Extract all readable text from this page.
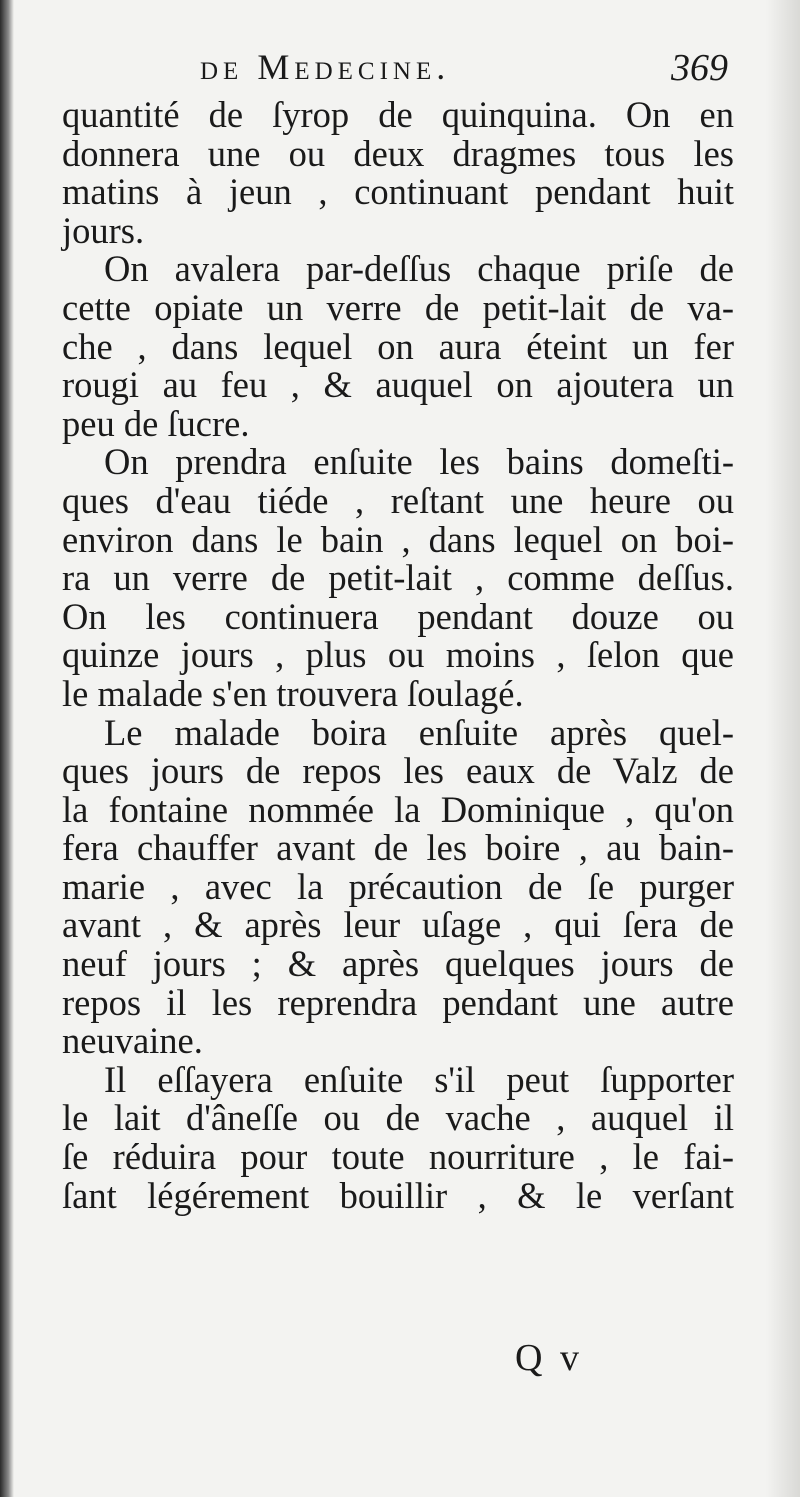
de Medecine.	369
quantité de ſyrop de quinquina. On en
donnera une ou deux dragmes tous les
matins à jeun , continuant pendant huit
jours.
On avalera par-deſſus chaque priſe de
cette opiate un verre de petit-lait de va-
che , dans lequel on aura éteint un fer
rougi au feu , & auquel on ajoutera un
peu de ſucre.
On prendra enſuite les bains domeſti-
ques d'eau tiéde , reſtant une heure ou
environ dans le bain , dans lequel on boi-
ra un verre de petit-lait , comme deſſus.
On les continuera pendant douze ou
quinze jours , plus ou moins , ſelon que
le malade s'en trouvera ſoulagé.
Le malade boira enſuite après quel-
ques jours de repos les eaux de Valz de
la fontaine nommée la Dominique , qu'on
fera chauffer avant de les boire , au bain-
marie , avec la précaution de ſe purger
avant , & après leur uſage , qui ſera de
neuf jours ; & après quelques jours de
repos il les reprendra pendant une autre
neuvaine.
Il eſſayera enſuite s'il peut ſupporter
le lait d'âneſſe ou de vache , auquel il
ſe réduira pour toute nourriture , le fai-
ſant légérement bouillir , & le verſant
Q v
